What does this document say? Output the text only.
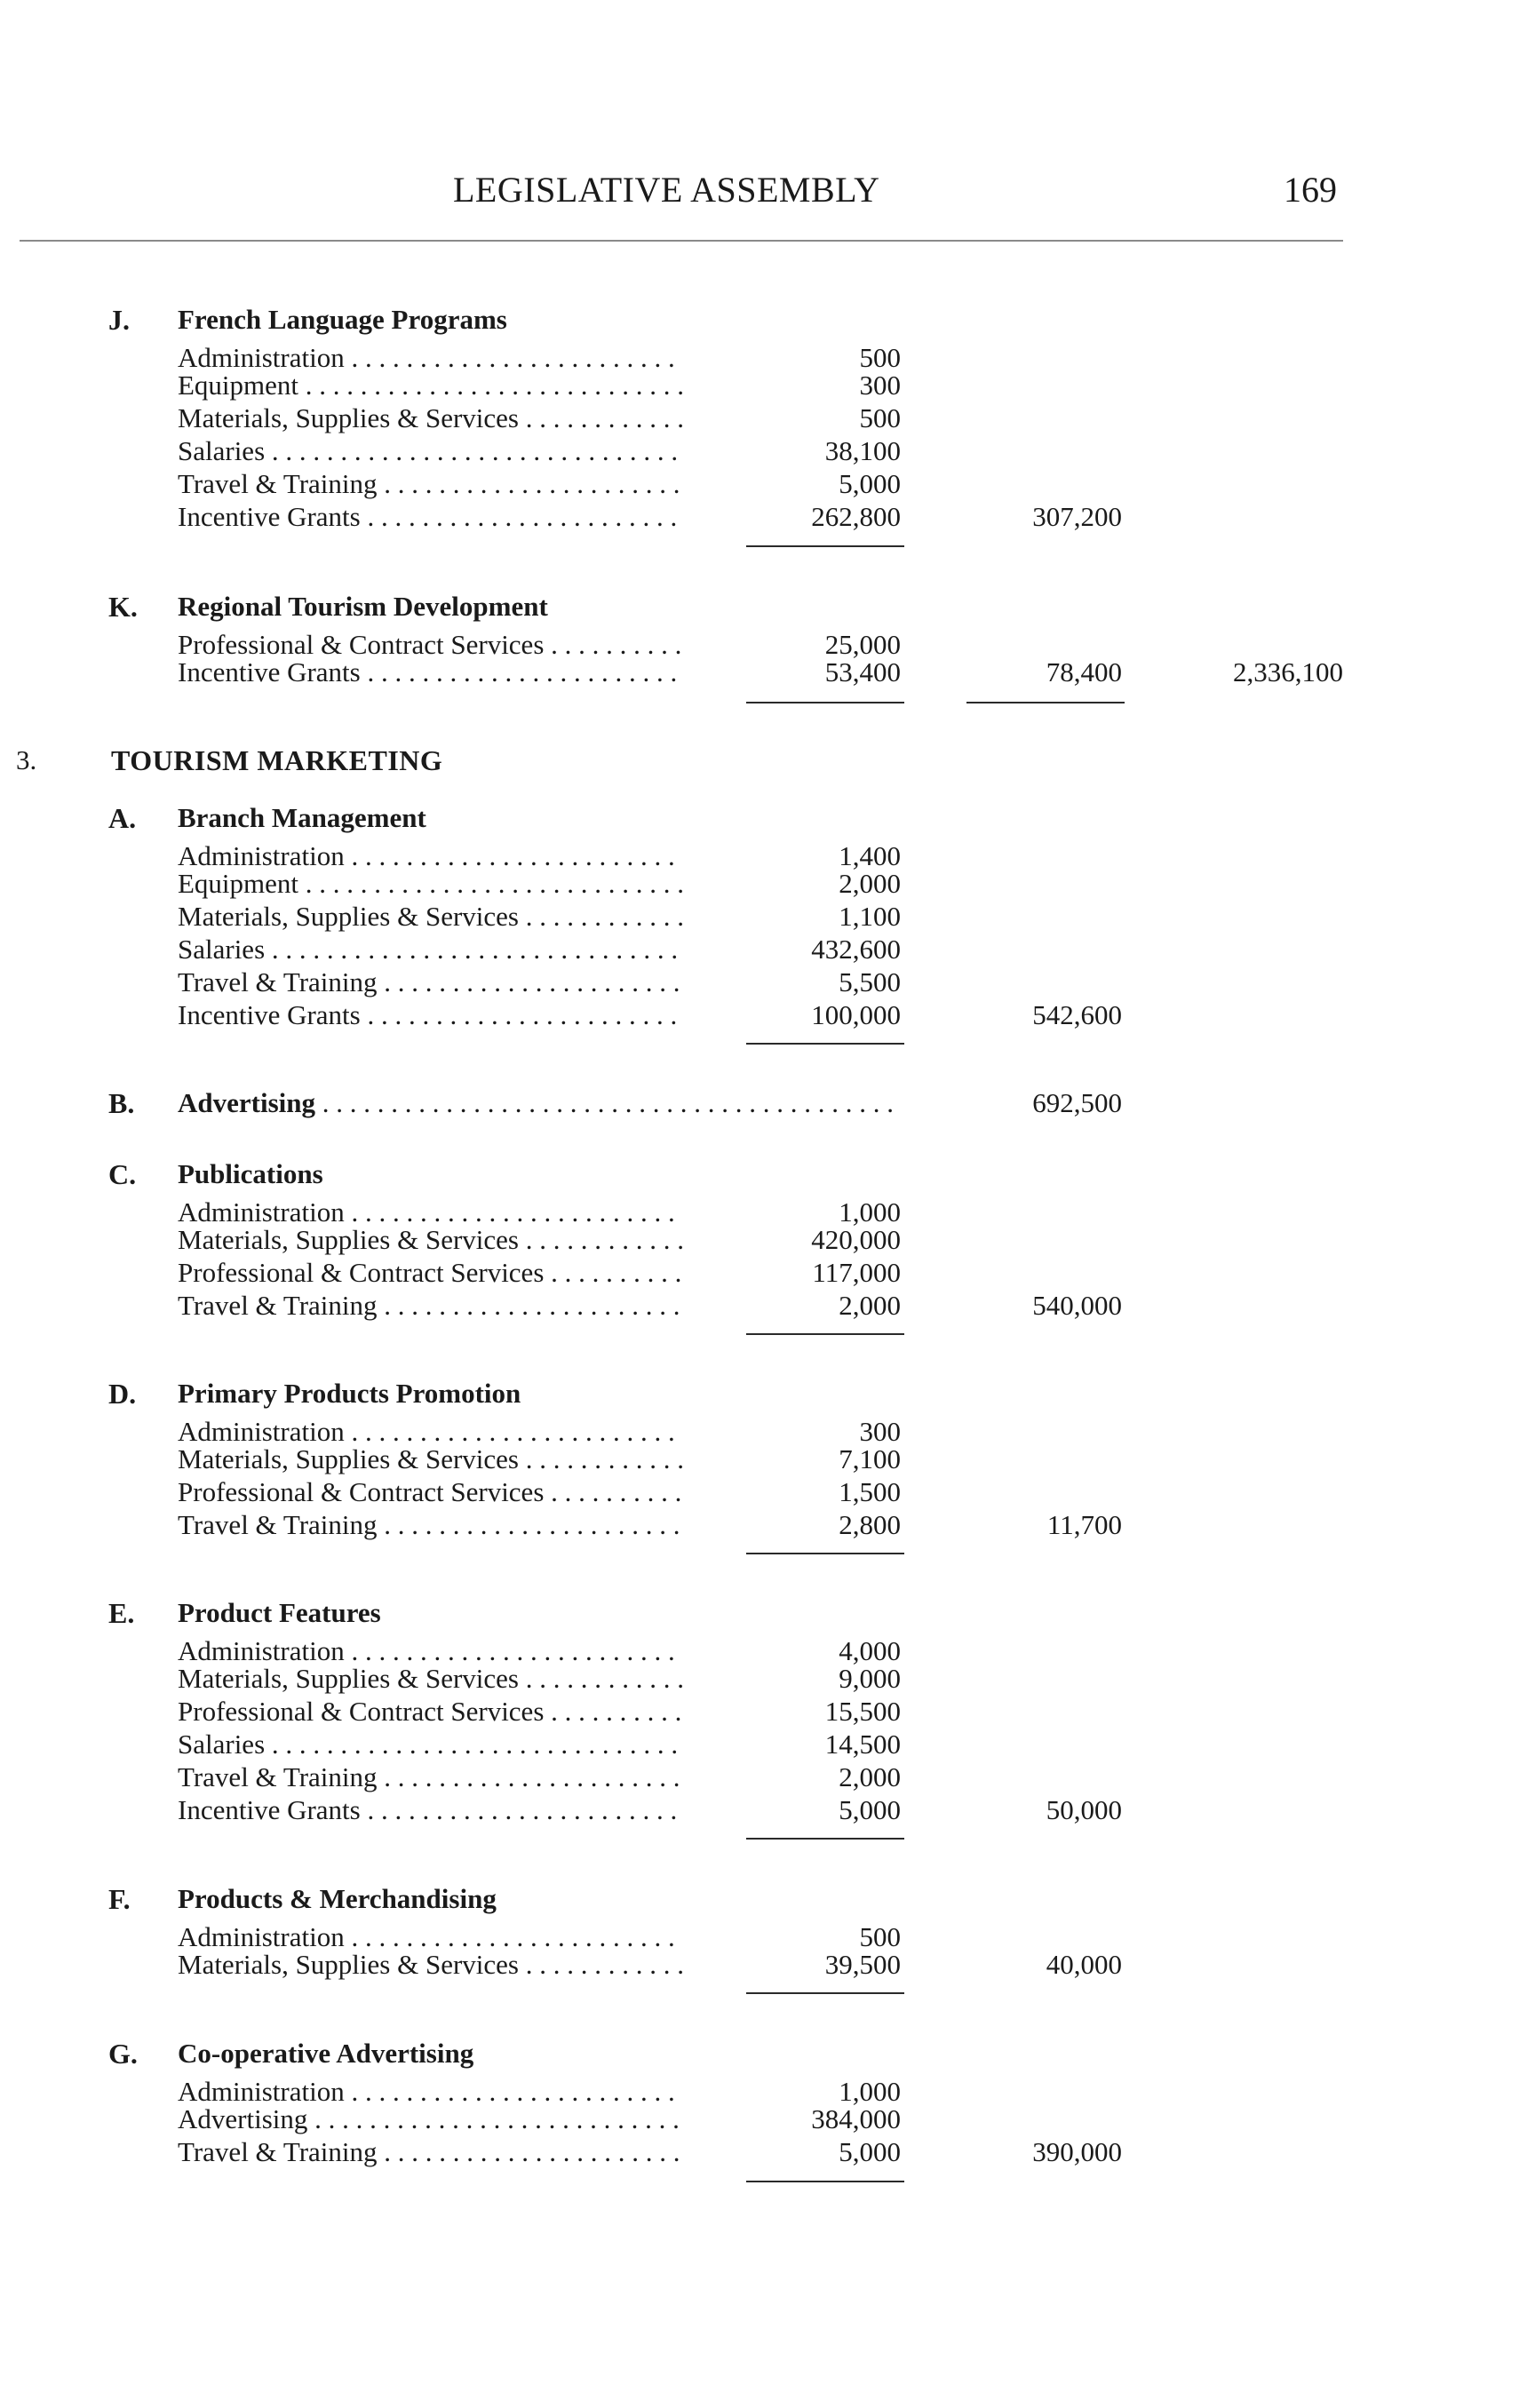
LEGISLATIVE ASSEMBLY	169
J. French Language Programs
Administration . . .	500
Equipment . . .	300
Materials, Supplies & Services . . .	500
Salaries . . .	38,100
Travel & Training . . .	5,000
Incentive Grants . . .	262,800	307,200
K. Regional Tourism Development
Professional & Contract Services . . .	25,000
Incentive Grants . . .	53,400	78,400	2,336,100
3.	TOURISM MARKETING
A. Branch Management
Administration . . .	1,400
Equipment . . .	2,000
Materials, Supplies & Services . . .	1,100
Salaries . . .	432,600
Travel & Training . . .	5,500
Incentive Grants . . .	100,000	542,600
B. Advertising . . .	692,500
C. Publications
Administration . . .	1,000
Materials, Supplies & Services . . .	420,000
Professional & Contract Services . . .	117,000
Travel & Training . . .	2,000	540,000
D. Primary Products Promotion
Administration . . .	300
Materials, Supplies & Services . . .	7,100
Professional & Contract Services . . .	1,500
Travel & Training . . .	2,800	11,700
E. Product Features
Administration . . .	4,000
Materials, Supplies & Services . . .	9,000
Professional & Contract Services . . .	15,500
Salaries . . .	14,500
Travel & Training . . .	2,000
Incentive Grants . . .	5,000	50,000
F. Products & Merchandising
Administration . . .	500
Materials, Supplies & Services . . .	39,500	40,000
G. Co-operative Advertising
Administration . . .	1,000
Advertising . . .	384,000
Travel & Training . . .	5,000	390,000
